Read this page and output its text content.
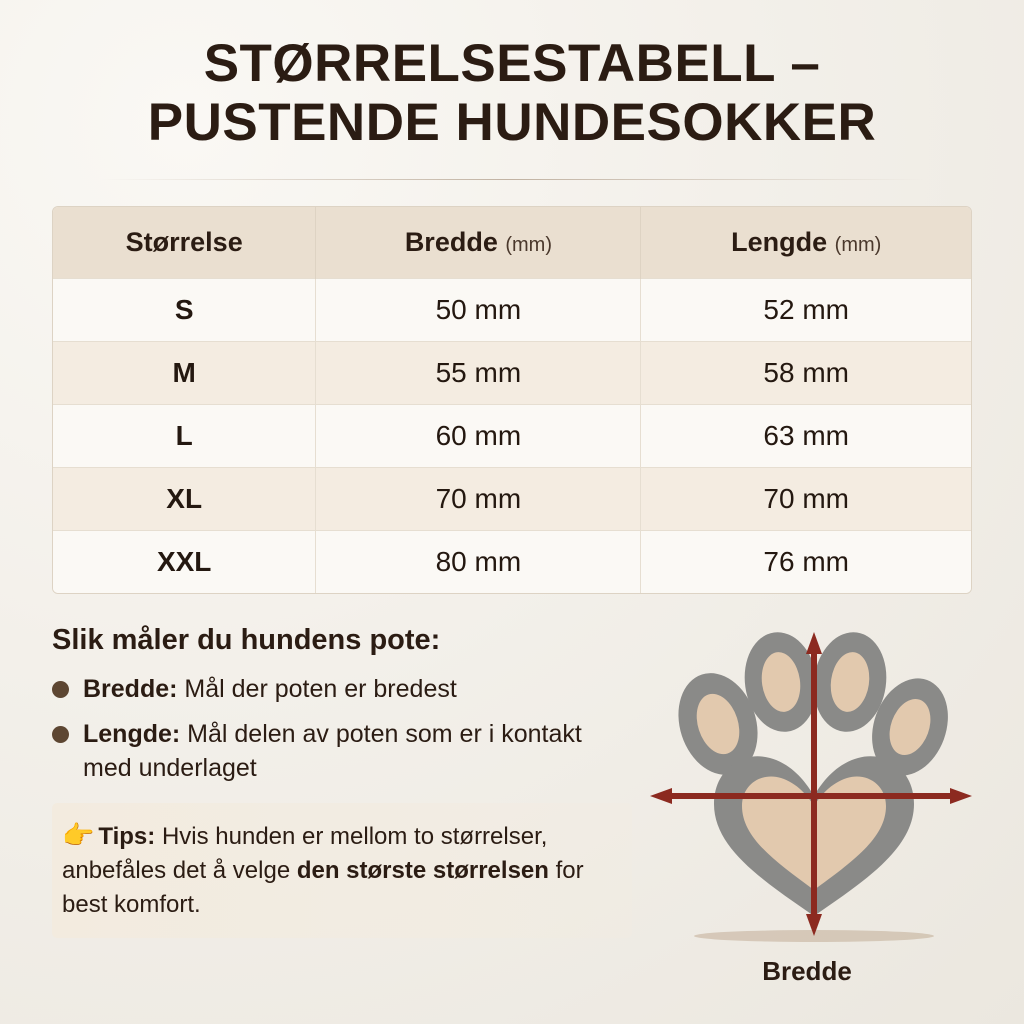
STØRRELSESTABELL –
PUSTENDE HUNDESOKKER
Størrelse	Bredde (mm)	Lengde (mm)
S	50 mm	52 mm
M	55 mm	58 mm
L	60 mm	63 mm
XL	70 mm	70 mm
XXL	80 mm	76 mm
Slik måler du hundens pote:
Bredde: Mål der poten er bredest
Lengde: Mål delen av poten som er i kontakt med underlaget
👉 Tips: Hvis hunden er mellom to størrelser, anbefåles det å velge den største størrelsen for best komfort.
Bredde
